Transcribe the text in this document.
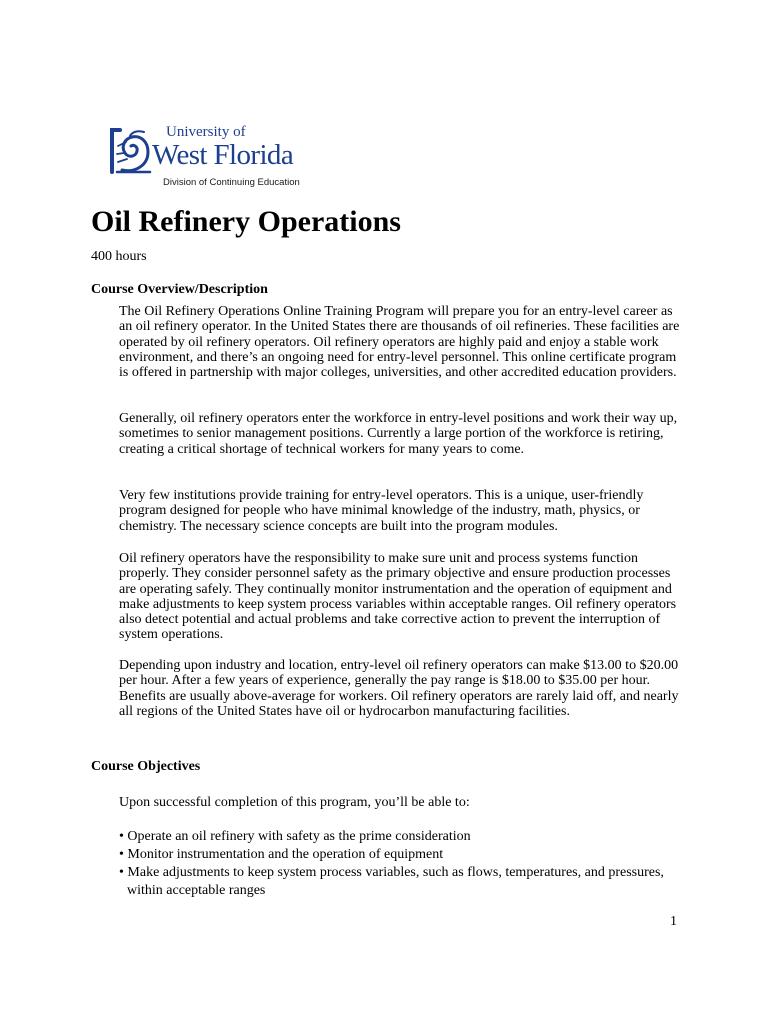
University of
West Florida
Division of Continuing Education
Oil Refinery Operations
400 hours
Course Overview/Description

The Oil Refinery Operations Online Training Program will prepare you for an entry-level career as an oil refinery operator. In the United States there are thousands of oil refineries. These facilities are operated by oil refinery operators. Oil refinery operators are highly paid and enjoy a stable work environment, and there’s an ongoing need for entry-level personnel. This online certificate program is offered in partnership with major colleges, universities, and other accredited education providers.

Generally, oil refinery operators enter the workforce in entry-level positions and work their way up, sometimes to senior management positions. Currently a large portion of the workforce is retiring, creating a critical shortage of technical workers for many years to come.

Very few institutions provide training for entry-level operators. This is a unique, user-friendly program designed for people who have minimal knowledge of the industry, math, physics, or chemistry. The necessary science concepts are built into the program modules.

Oil refinery operators have the responsibility to make sure unit and process systems function properly. They consider personnel safety as the primary objective and ensure production processes are operating safely. They continually monitor instrumentation and the operation of equipment and make adjustments to keep system process variables within acceptable ranges. Oil refinery operators also detect potential and actual problems and take corrective action to prevent the interruption of system operations.

Depending upon industry and location, entry-level oil refinery operators can make $13.00 to $20.00 per hour. After a few years of experience, generally the pay range is $18.00 to $35.00 per hour. Benefits are usually above-average for workers. Oil refinery operators are rarely laid off, and nearly all regions of the United States have oil or hydrocarbon manufacturing facilities.

Course Objectives

Upon successful completion of this program, you’ll be able to:

• Operate an oil refinery with safety as the prime consideration
• Monitor instrumentation and the operation of equipment
• Make adjustments to keep system process variables, such as flows, temperatures, and pressures, within acceptable ranges
1
